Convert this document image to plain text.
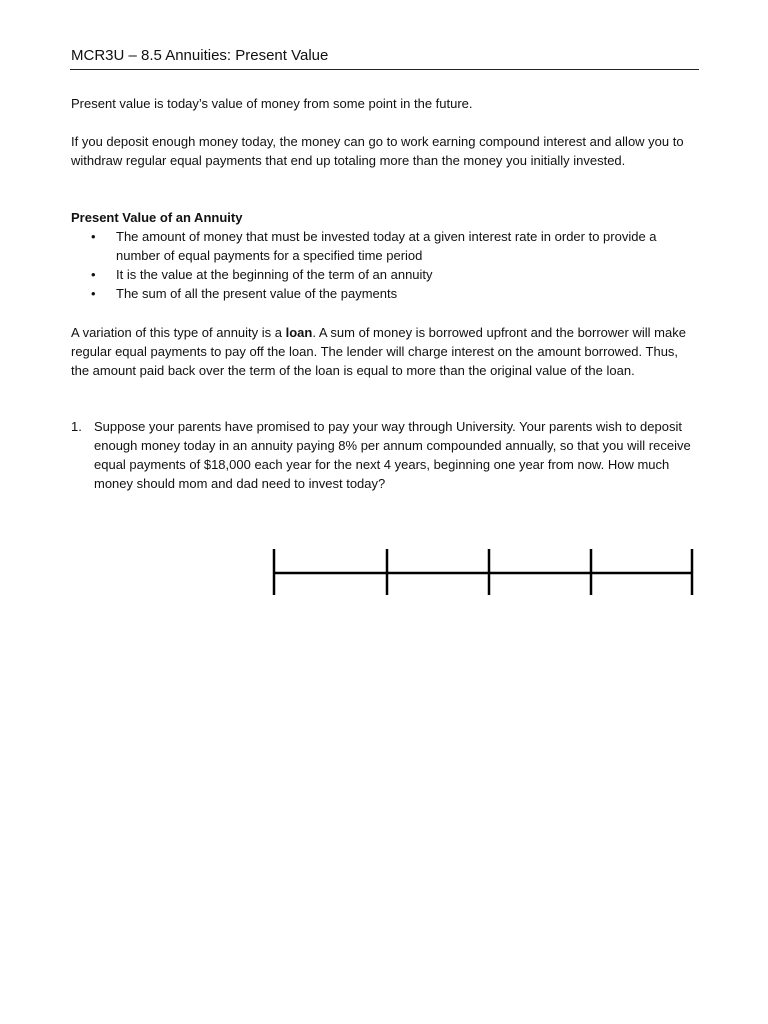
MCR3U – 8.5 Annuities: Present Value

Present value is today’s value of money from some point in the future.

If you deposit enough money today, the money can go to work earning compound interest and allow you to withdraw regular equal payments that end up totaling more than the money you initially invested.

Present Value of an Annuity

• The amount of money that must be invested today at a given interest rate in order to provide a number of equal payments for a specified time period
• It is the value at the beginning of the term of an annuity
• The sum of all the present value of the payments

A variation of this type of annuity is a loan. A sum of money is borrowed upfront and the borrower will make regular equal payments to pay off the loan. The lender will charge interest on the amount borrowed. Thus, the amount paid back over the term of the loan is equal to more than the original value of the loan.

1. Suppose your parents have promised to pay your way through University. Your parents wish to deposit enough money today in an annuity paying 8% per annum compounded annually, so that you will receive equal payments of $18,000 each year for the next 4 years, beginning one year from now. How much money should mom and dad need to invest today?
